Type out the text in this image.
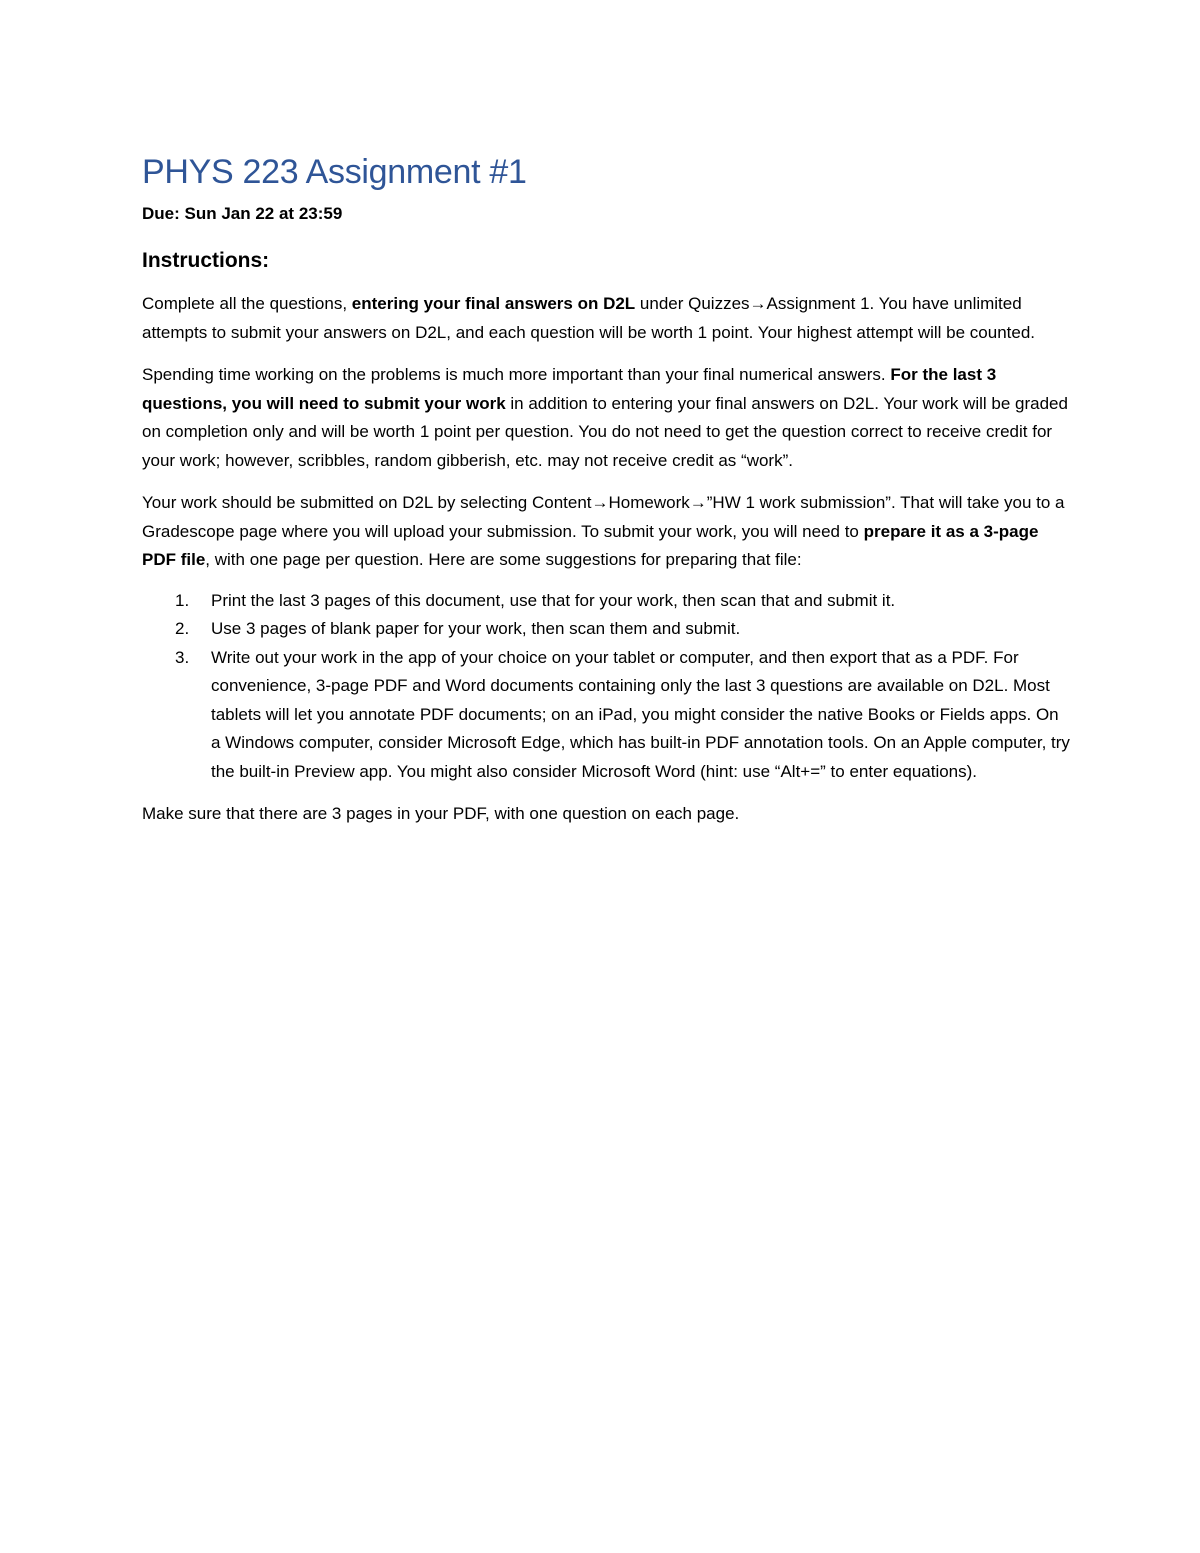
PHYS 223 Assignment #1

Due: Sun Jan 22 at 23:59

Instructions:

Complete all the questions, entering your final answers on D2L under Quizzes→Assignment 1. You have unlimited attempts to submit your answers on D2L, and each question will be worth 1 point. Your highest attempt will be counted.

Spending time working on the problems is much more important than your final numerical answers. For the last 3 questions, you will need to submit your work in addition to entering your final answers on D2L. Your work will be graded on completion only and will be worth 1 point per question. You do not need to get the question correct to receive credit for your work; however, scribbles, random gibberish, etc. may not receive credit as “work”.

Your work should be submitted on D2L by selecting Content→Homework→”HW 1 work submission”. That will take you to a Gradescope page where you will upload your submission. To submit your work, you will need to prepare it as a 3-page PDF file, with one page per question. Here are some suggestions for preparing that file:

1. Print the last 3 pages of this document, use that for your work, then scan that and submit it.
2. Use 3 pages of blank paper for your work, then scan them and submit.
3. Write out your work in the app of your choice on your tablet or computer, and then export that as a PDF. For convenience, 3-page PDF and Word documents containing only the last 3 questions are available on D2L. Most tablets will let you annotate PDF documents; on an iPad, you might consider the native Books or Fields apps. On a Windows computer, consider Microsoft Edge, which has built-in PDF annotation tools. On an Apple computer, try the built-in Preview app. You might also consider Microsoft Word (hint: use “Alt+=” to enter equations).

Make sure that there are 3 pages in your PDF, with one question on each page.
